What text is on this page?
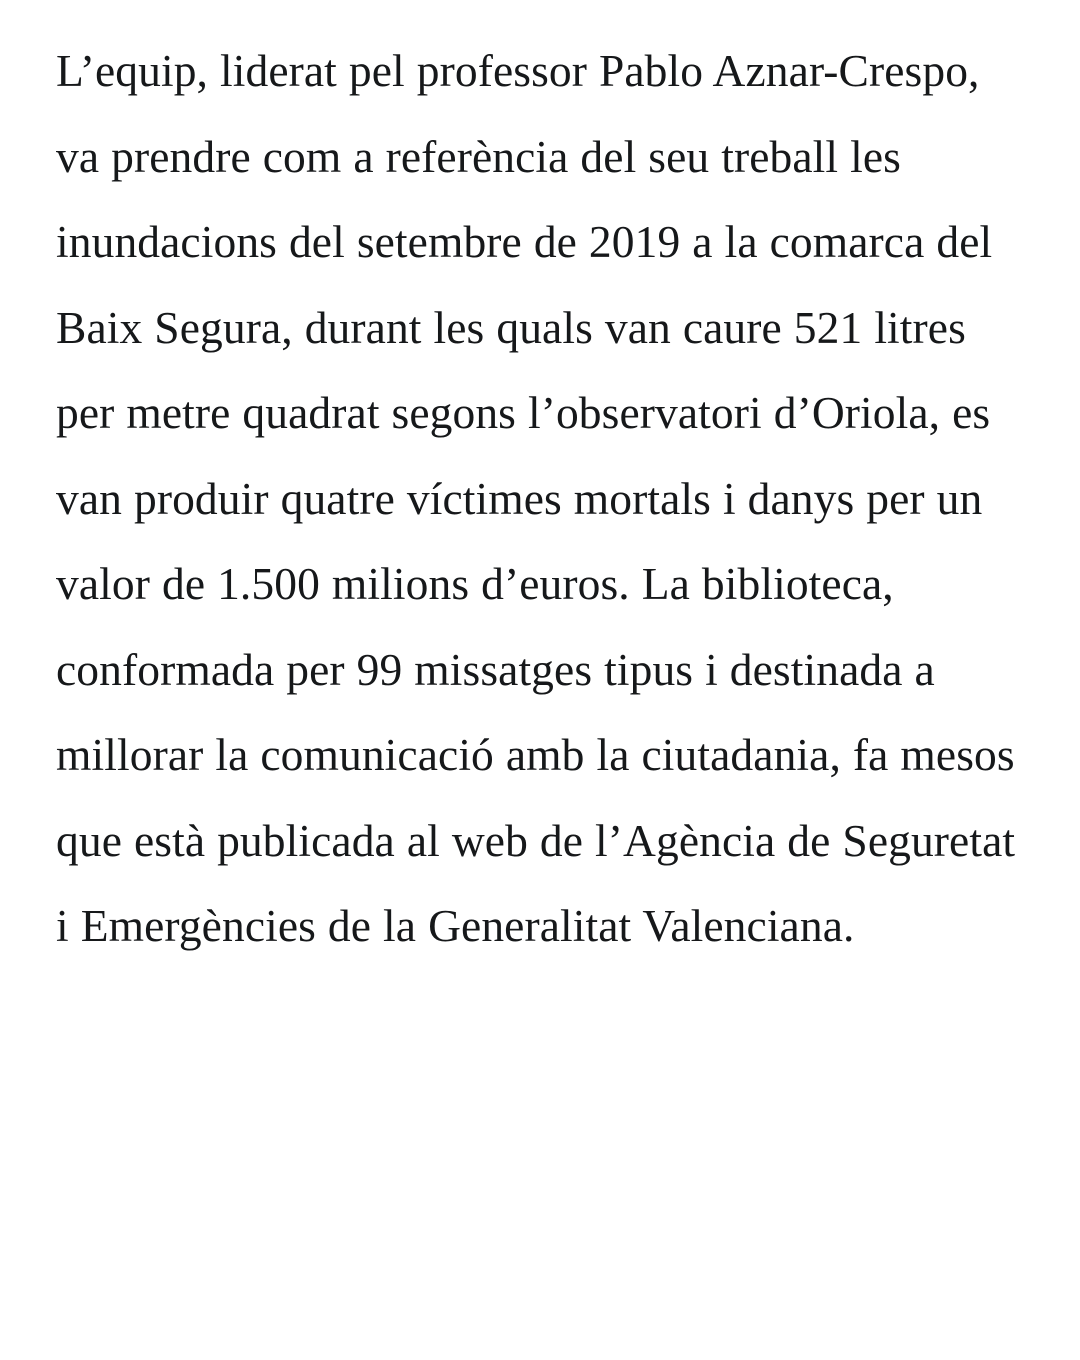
L’equip, liderat pel professor Pablo Aznar-Crespo, va prendre com a referència del seu treball les inundacions del setembre de 2019 a la comarca del Baix Segura, durant les quals van caure 521 litres per metre quadrat segons l’observatori d’Oriola, es van produir quatre víctimes mortals i danys per un valor de 1.500 milions d’euros. La biblioteca, conformada per 99 missatges tipus i destinada a millorar la comunicació amb la ciutadania, fa mesos que està publicada al web de l’Agència de Seguretat i Emergències de la Generalitat Valenciana.
